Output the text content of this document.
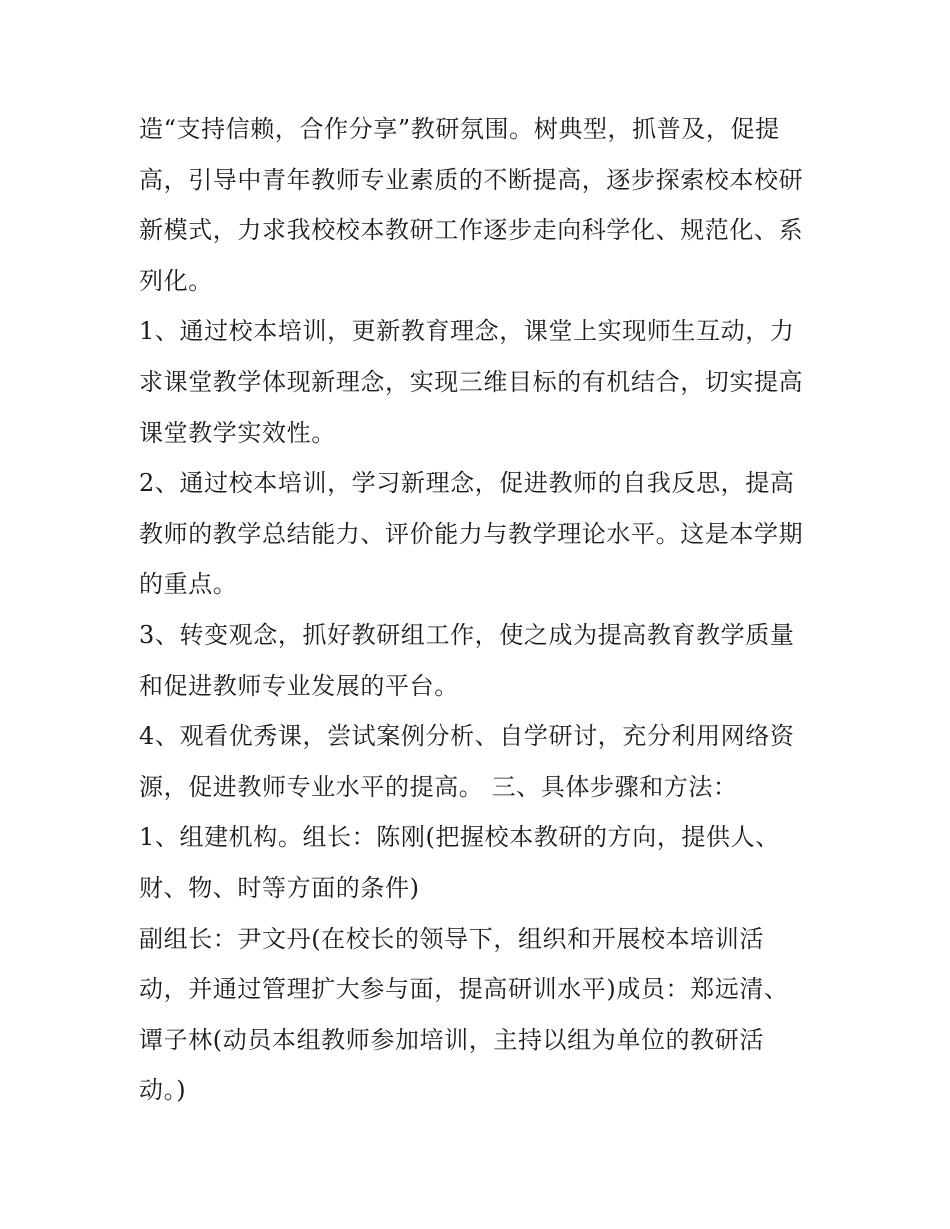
造“支持信赖，合作分享”教研氛围。树典型，抓普及，促提
高，引导中青年教师专业素质的不断提高，逐步探索校本校研
新模式，力求我校校本教研工作逐步走向科学化、规范化、系
列化。
1、通过校本培训，更新教育理念，课堂上实现师生互动，力
求课堂教学体现新理念，实现三维目标的有机结合，切实提高
课堂教学实效性。
2、通过校本培训，学习新理念，促进教师的自我反思，提高
教师的教学总结能力、评价能力与教学理论水平。这是本学期
的重点。
3、转变观念，抓好教研组工作，使之成为提高教育教学质量
和促进教师专业发展的平台。
4、观看优秀课，尝试案例分析、自学研讨，充分利用网络资
源，促进教师专业水平的提高。 三、具体步骤和方法：
1、组建机构。组长：陈刚(把握校本教研的方向，提供人、
财、物、时等方面的条件)
副组长：尹文丹(在校长的领导下，组织和开展校本培训活
动，并通过管理扩大参与面，提高研训水平)成员：郑远清、
谭子林(动员本组教师参加培训，主持以组为单位的教研活
动。)
